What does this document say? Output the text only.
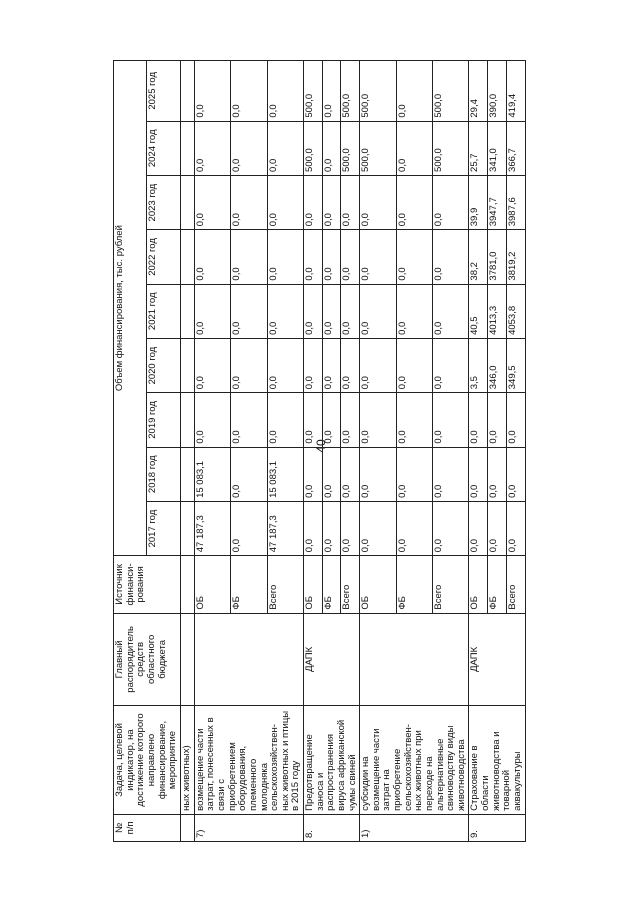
40
№ п/п	Задача, целевой индикатор, на достижение которого направлено финансирование, мероприятие	Главный распорядитель средств областного бюджета	Источник финанси-рования	Объем финансирования, тыс. рублей								
				2017 год	2018 год	2019 год	2020 год	2021 год	2022 год	2023 год	2024 год	2025 год
	ных животных)											
7)	возмещение части затрат, понесенных в связи с приобретением оборудования, племенного молодняка сельскохозяйствен-ных животных и птицы в 2015 году		ОБ	47 187,3	15 083,1	0,0	0,0	0,0	0,0	0,0	0,0	0,0
			ФБ	0,0	0,0	0,0	0,0	0,0	0,0	0,0	0,0	0,0
			Всего	47 187,3	15 083,1	0,0	0,0	0,0	0,0	0,0	0,0	0,0
8.	Предотвращение заноса и распространения вируса африканской чумы свиней	ДАПК	ОБ	0,0	0,0	0,0	0,0	0,0	0,0	0,0	500,0	500,0
			ФБ	0,0	0,0	0,0	0,0	0,0	0,0	0,0	0,0	0,0
			Всего	0,0	0,0	0,0	0,0	0,0	0,0	0,0	500,0	500,0
1)	субсидии на возмещение части затрат на приобретение сельскохозяйствен-ных животных при переходе на альтернативные свиноводству виды животноводства		ОБ	0,0	0,0	0,0	0,0	0,0	0,0	0,0	500,0	500,0
			ФБ	0,0	0,0	0,0	0,0	0,0	0,0	0,0	0,0	0,0
			Всего	0,0	0,0	0,0	0,0	0,0	0,0	0,0	500,0	500,0
9.	Страхование в области животноводства и товарной аквакультуры	ДАПК	ОБ	0,0	0,0	0,0	3,5	40,5	38,2	39,9	25,7	29,4
			ФБ	0,0	0,0	0,0	346,0	4013,3	3781,0	3947,7	341,0	390,0
			Всего	0,0	0,0	0,0	349,5	4053,8	3819,2	3987,6	366,7	419,4
